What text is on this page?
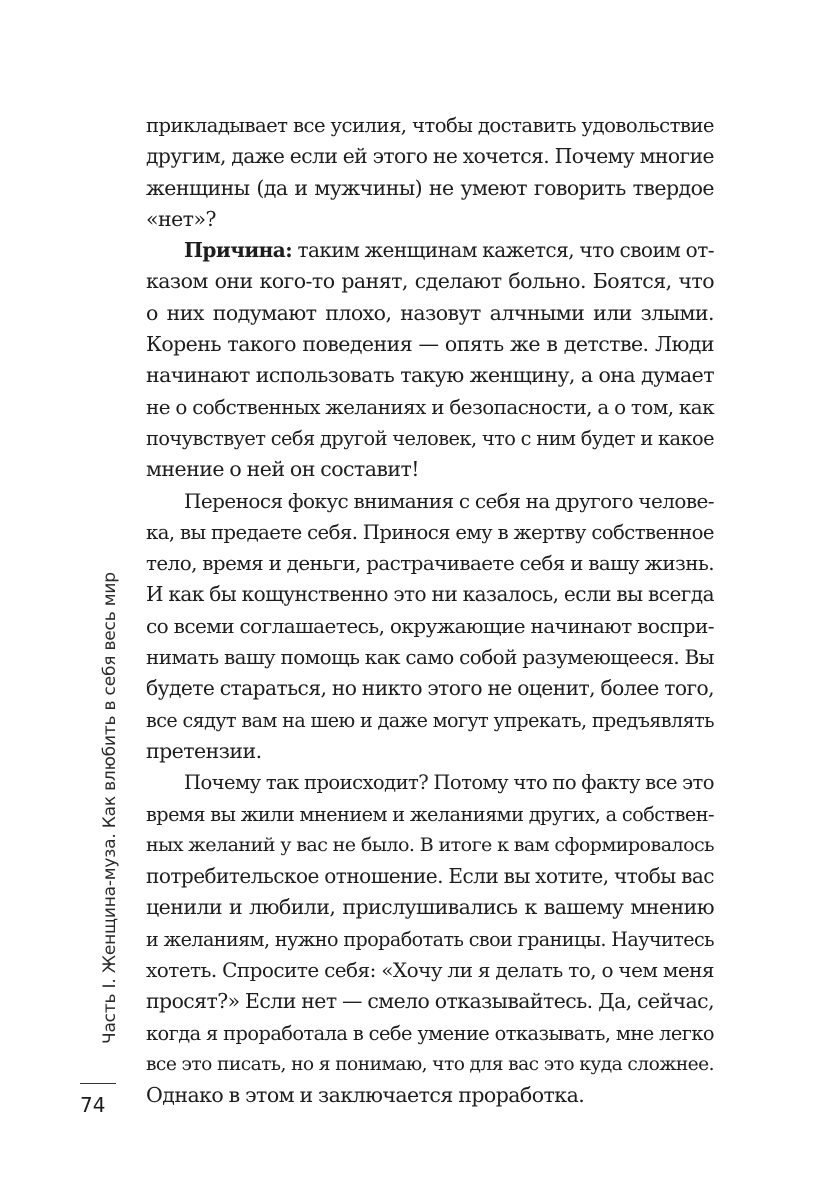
прикладывает все усилия, чтобы доставить удовольствие
другим, даже если ей этого не хочется. Почему многие
женщины (да и мужчины) не умеют говорить твердое
«нет»?
Причина: таким женщинам кажется, что своим от-
казом они кого-то ранят, сделают больно. Боятся, что
о них подумают плохо, назовут алчными или злыми.
Корень такого поведения — опять же в детстве. Люди
начинают использовать такую женщину, а она думает
не о собственных желаниях и безопасности, а о том, как
почувствует себя другой человек, что с ним будет и какое
мнение о ней он составит!
Перенося фокус внимания с себя на другого челове-
ка, вы предаете себя. Принося ему в жертву собственное
тело, время и деньги, растрачиваете себя и вашу жизнь.
И как бы кощунственно это ни казалось, если вы всегда
со всеми соглашаетесь, окружающие начинают воспри-
нимать вашу помощь как само собой разумеющееся. Вы
будете стараться, но никто этого не оценит, более того,
все сядут вам на шею и даже могут упрекать, предъявлять
претензии.
Почему так происходит? Потому что по факту все это
время вы жили мнением и желаниями других, а собствен-
ных желаний у вас не было. В итоге к вам сформировалось
потребительское отношение. Если вы хотите, чтобы вас
ценили и любили, прислушивались к вашему мнению
и желаниям, нужно проработать свои границы. Научитесь
хотеть. Спросите себя: «Хочу ли я делать то, о чем меня
просят?» Если нет — смело отказывайтесь. Да, сейчас,
когда я проработала в себе умение отказывать, мне легко
все это писать, но я понимаю, что для вас это куда сложнее.
Однако в этом и заключается проработка.
Часть I. Женщина-муза. Как влюбить в себя весь мир
74
